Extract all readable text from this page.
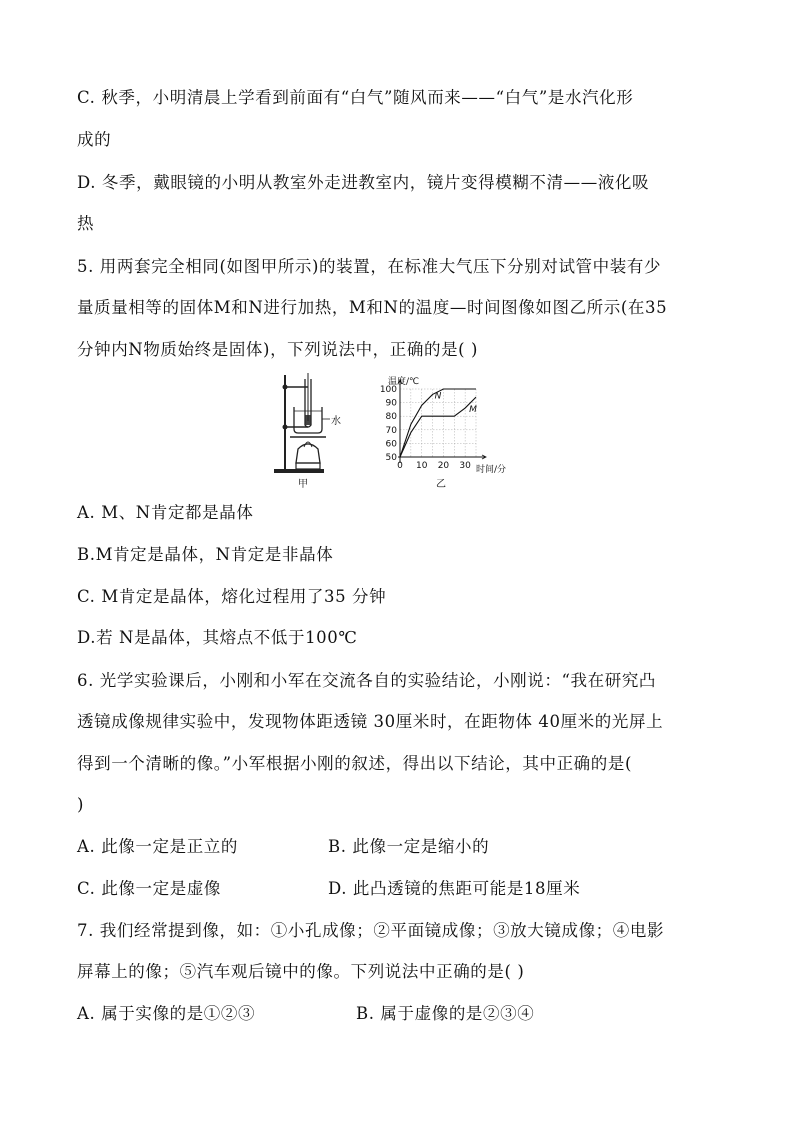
C. 秋季，小明清晨上学看到前面有“白气”随风而来——“白气”是水汽化形
成的
D. 冬季，戴眼镜的小明从教室外走进教室内，镜片变得模糊不清——液化吸
热
5. 用两套完全相同(如图甲所示)的装置，在标准大气压下分别对试管中装有少
量质量相等的固体M和N进行加热，M和N的温度—时间图像如图乙所示(在35
分钟内N物质始终是固体)，下列说法中，正确的是( )
水
甲
温度/℃
0 10 20 30
50
60
70
80
90
100
N
M
时间/分
乙
A. M、N肯定都是晶体
B.M肯定是晶体，N肯定是非晶体
C. M肯定是晶体，熔化过程用了35 分钟
D.若 N是晶体，其熔点不低于100℃
6. 光学实验课后，小刚和小军在交流各自的实验结论，小刚说：“我在研究凸
透镜成像规律实验中，发现物体距透镜 30厘米时，在距物体 40厘米的光屏上
得到一个清晰的像。”小军根据小刚的叙述，得出以下结论，其中正确的是(
)
A. 此像一定是正立的	B. 此像一定是缩小的
C. 此像一定是虚像	D. 此凸透镜的焦距可能是18厘米
7. 我们经常提到像，如：①小孔成像；②平面镜成像；③放大镜成像；④电影
屏幕上的像；⑤汽车观后镜中的像。下列说法中正确的是( )
A. 属于实像的是①②③	B. 属于虚像的是②③④
